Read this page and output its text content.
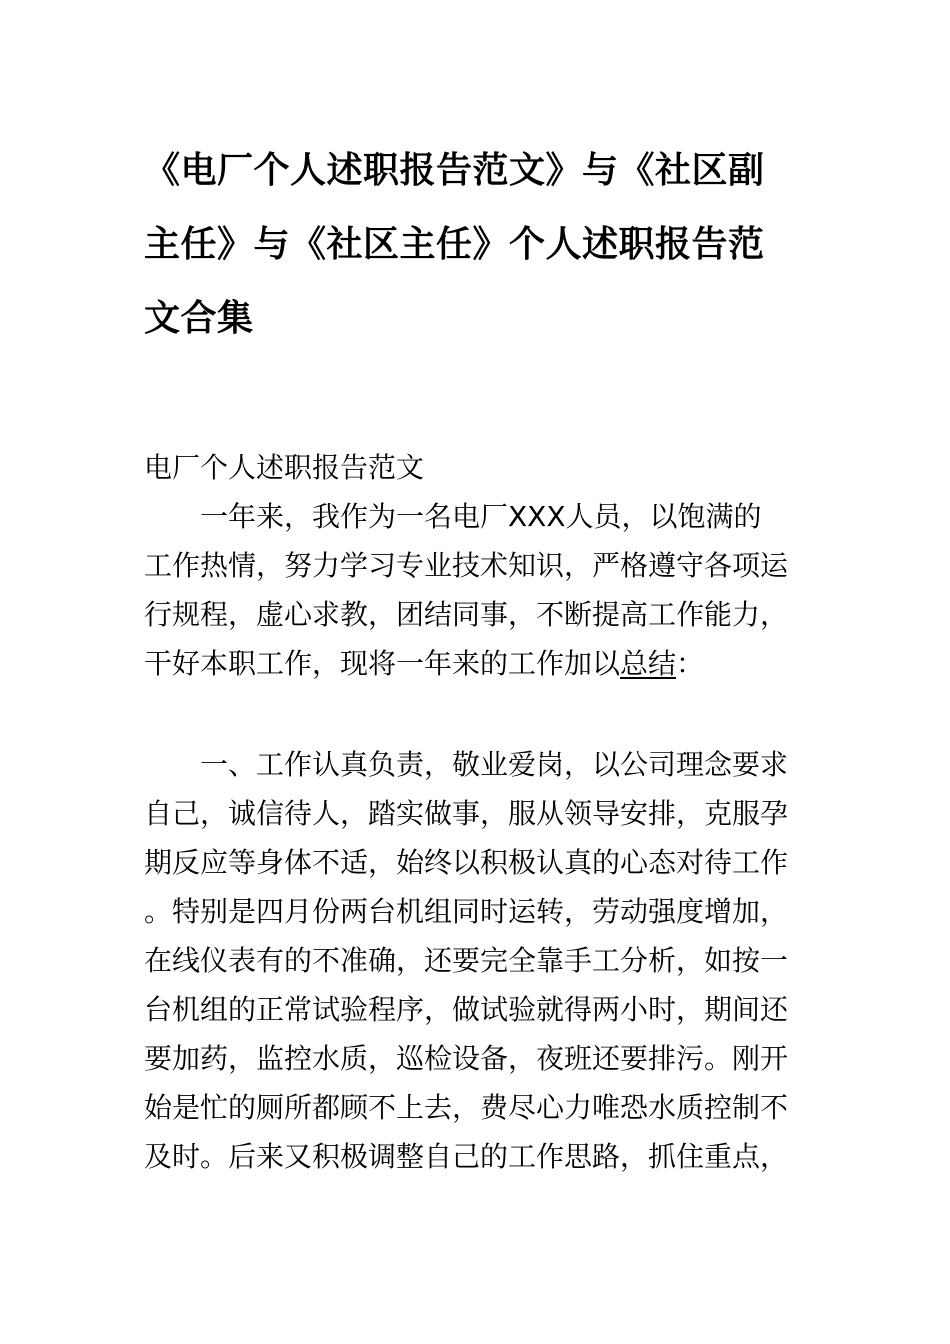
《电厂个人述职报告范文》与《社区副
主任》与《社区主任》个人述职报告范
文合集
电厂个人述职报告范文
一年来，我作为一名电厂XXX人员，以饱满的
工作热情，努力学习专业技术知识，严格遵守各项运
行规程，虚心求教，团结同事，不断提高工作能力，
干好本职工作，现将一年来的工作加以总结：
一、工作认真负责，敬业爱岗，以公司理念要求
自己，诚信待人，踏实做事，服从领导安排，克服孕
期反应等身体不适，始终以积极认真的心态对待工作
。特别是四月份两台机组同时运转，劳动强度增加，
在线仪表有的不准确，还要完全靠手工分析，如按一
台机组的正常试验程序，做试验就得两小时，期间还
要加药，监控水质，巡检设备，夜班还要排污。刚开
始是忙的厕所都顾不上去，费尽心力唯恐水质控制不
及时。后来又积极调整自己的工作思路，抓住重点，
